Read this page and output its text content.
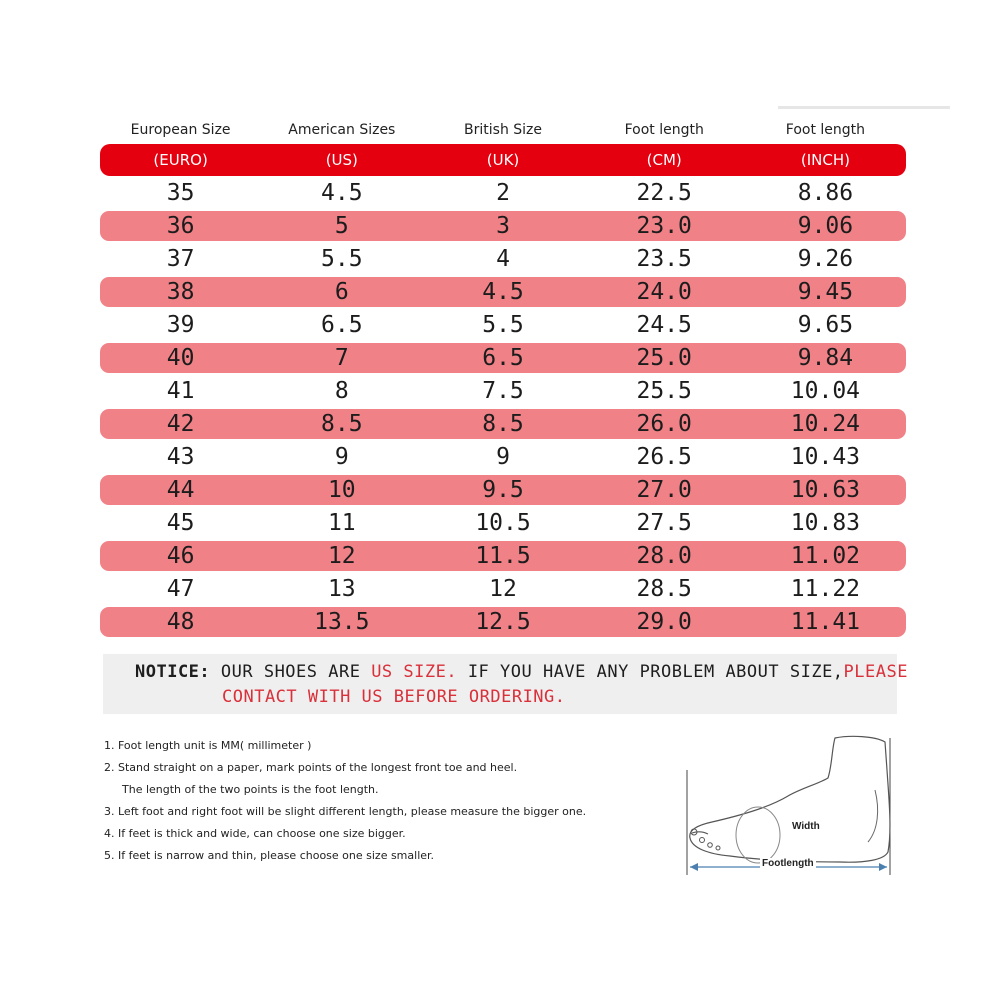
European Size	American Sizes	British Size	Foot length	Foot length
(EURO)	(US)	(UK)	(CM)	(INCH)
35	4.5	2	22.5	8.86
36	5	3	23.0	9.06
37	5.5	4	23.5	9.26
38	6	4.5	24.0	9.45
39	6.5	5.5	24.5	9.65
40	7	6.5	25.0	9.84
41	8	7.5	25.5	10.04
42	8.5	8.5	26.0	10.24
43	9	9	26.5	10.43
44	10	9.5	27.0	10.63
45	11	10.5	27.5	10.83
46	12	11.5	28.0	11.02
47	13	12	28.5	11.22
48	13.5	12.5	29.0	11.41

NOTICE: OUR SHOES ARE US SIZE. IF YOU HAVE ANY PROBLEM ABOUT SIZE,PLEASE

CONTACT WITH US BEFORE ORDERING.

1. Foot length unit is MM( millimeter )

2. Stand straight on a paper, mark points of the longest front toe and heel.

The length of the two points is the foot length.

3. Left foot and right foot will be slight different length, please measure the bigger one.

4. If feet is thick and wide, can choose one size bigger.

5. If feet is narrow and thin, please choose one size smaller.

Width
Footlength
